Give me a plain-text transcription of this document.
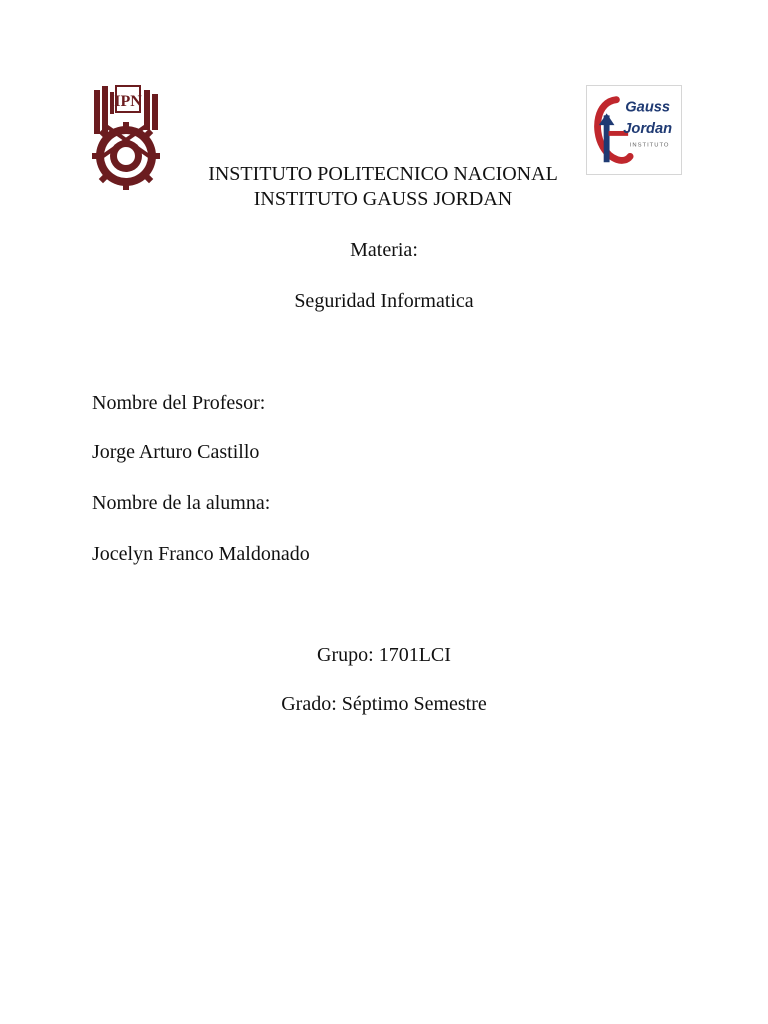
IPN	Gauss
Jordan
INSTITUTO
INSTITUTO POLITECNICO NACIONAL
INSTITUTO GAUSS JORDAN

Materia:

Seguridad Informatica

Nombre del Profesor:

Jorge Arturo Castillo

Nombre de la alumna:

Jocelyn Franco Maldonado

Grupo: 1701LCI

Grado: Séptimo Semestre
